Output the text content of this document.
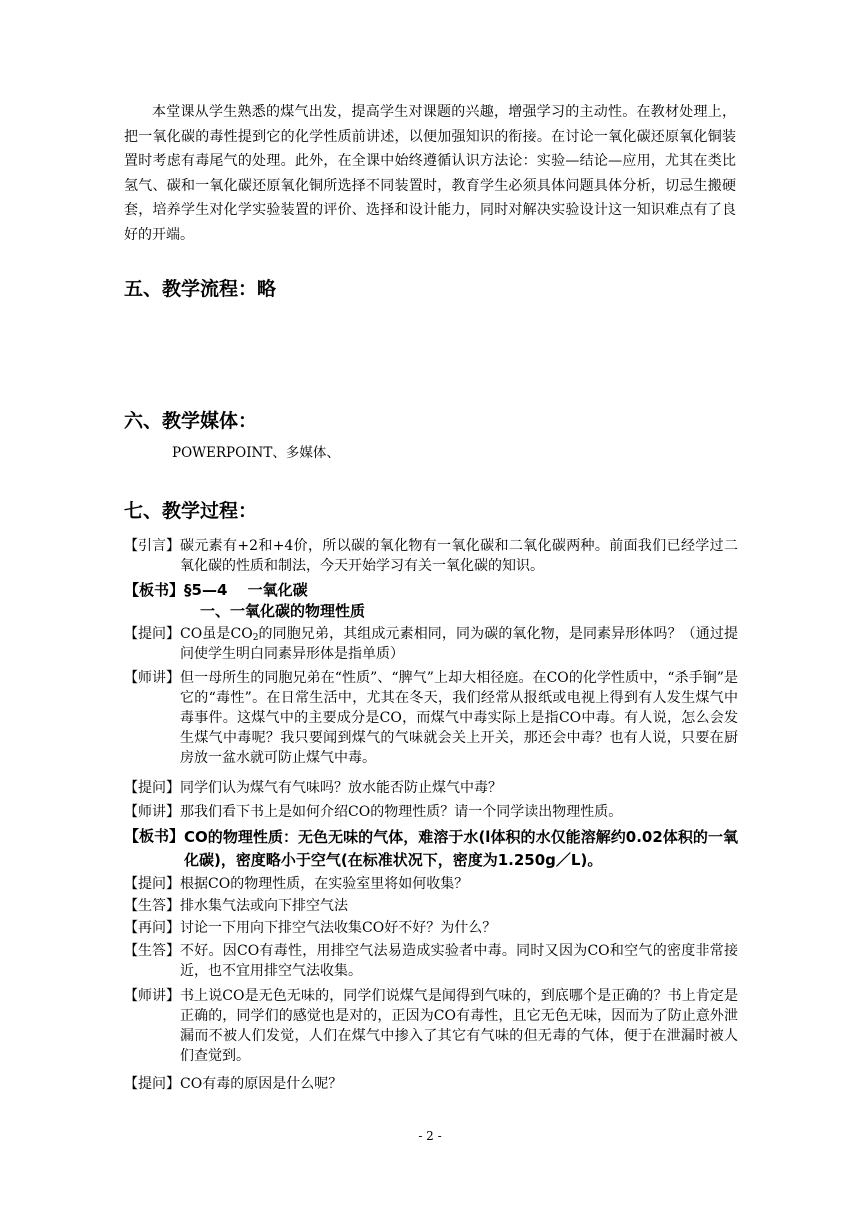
本堂课从学生熟悉的煤气出发，提高学生对课题的兴趣，增强学习的主动性。在教材处理上，把一氧化碳的毒性提到它的化学性质前讲述，以便加强知识的衔接。在讨论一氧化碳还原氧化铜装置时考虑有毒尾气的处理。此外，在全课中始终遵循认识方法论：实验—结论—应用，尤其在类比氢气、碳和一氧化碳还原氧化铜所选择不同装置时，教育学生必须具体问题具体分析，切忌生搬硬套，培养学生对化学实验装置的评价、选择和设计能力，同时对解决实验设计这一知识难点有了良好的开端。

五、教学流程：略
六、教学媒体：

POWERPOINT、多媒体、

七、教学过程：
【引言】 碳元素有+2和+4价，所以碳的氧化物有一氧化碳和二氧化碳两种。前面我们已经学过二氧化碳的性质和制法，今天开始学习有关一氧化碳的知识。

【板书】 §5—4　 一氧化碳

一、一氧化碳的物理性质

【提问】 CO虽是$CO_2$的同胞兄弟，其组成元素相同，同为碳的氧化物，是同素异形体吗？（通过提问使学生明白同素异形体是指单质）

【师讲】 但一母所生的同胞兄弟在“性质”、“脾气”上却大相径庭。在CO的化学性质中，“杀手锏”是它的“毒性”。在日常生活中，尤其在冬天，我们经常从报纸或电视上得到有人发生煤气中毒事件。这煤气中的主要成分是CO，而煤气中毒实际上是指CO中毒。有人说，怎么会发生煤气中毒呢？我只要闻到煤气的气味就会关上开关，那还会中毒？也有人说，只要在厨房放一盆水就可防止煤气中毒。

【提问】 同学们认为煤气有气味吗？放水能否防止煤气中毒？

【师讲】 那我们看下书上是如何介绍CO的物理性质？请一个同学读出物理性质。

【板书】 CO的物理性质：无色无味的气体，难溶于水(l体积的水仅能溶解约0.02体积的一氧化碳)，密度略小于空气(在标准状况下，密度为1.250g／L)。

【提问】 根据CO的物理性质，在实验室里将如何收集？

【生答】 排水集气法或向下排空气法

【再问】 讨论一下用向下排空气法收集CO好不好？为什么？

【生答】 不好。因CO有毒性，用排空气法易造成实验者中毒。同时又因为CO和空气的密度非常接近，也不宜用排空气法收集。

【师讲】 书上说CO是无色无味的，同学们说煤气是闻得到气味的，到底哪个是正确的？书上肯定是正确的，同学们的感觉也是对的，正因为CO有毒性，且它无色无味，因而为了防止意外泄漏而不被人们发觉，人们在煤气中掺入了其它有气味的但无毒的气体，便于在泄漏时被人们查觉到。

【提问】 CO有毒的原因是什么呢？

- 2 -
